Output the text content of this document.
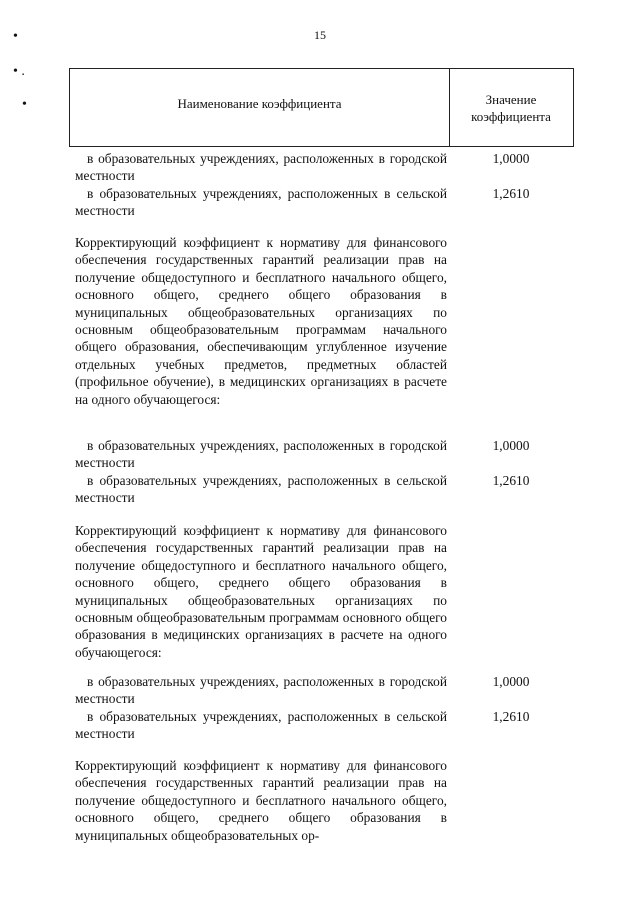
15
•
• .
•	Наименование коэффициента	Значение коэффициента
в образовательных учреждениях, расположенных в городской местности
1,0000
в образовательных учреждениях, расположенных в сельской местности
1,2610
Корректирующий коэффициент к нормативу для финансового обеспечения государственных гарантий реализации прав на получение общедоступного и бесплатного начального общего, основного общего, среднего общего образования в муниципальных общеобразовательных организациях по основным общеобразовательным программам начального общего образования, обеспечивающим углубленное изучение отдельных учебных предметов, предметных областей (профильное обучение), в медицинских организациях в расчете на одного обучающегося:
в образовательных учреждениях, расположенных в городской местности
1,0000
в образовательных учреждениях, расположенных в сельской местности
1,2610
Корректирующий коэффициент к нормативу для финансового обеспечения государственных гарантий реализации прав на получение общедоступного и бесплатного начального общего, основного общего, среднего общего образования в муниципальных общеобразовательных организациях по основным общеобразовательным программам основного общего образования в медицинских организациях в расчете на одного обучающегося:
в образовательных учреждениях, расположенных в городской местности
1,0000
в образовательных учреждениях, расположенных в сельской местности
1,2610
Корректирующий коэффициент к нормативу для финансового обеспечения государственных гарантий реализации прав на получение общедоступного и бесплатного начального общего, основного общего, среднего общего образования в муниципальных общеобразовательных ор-
